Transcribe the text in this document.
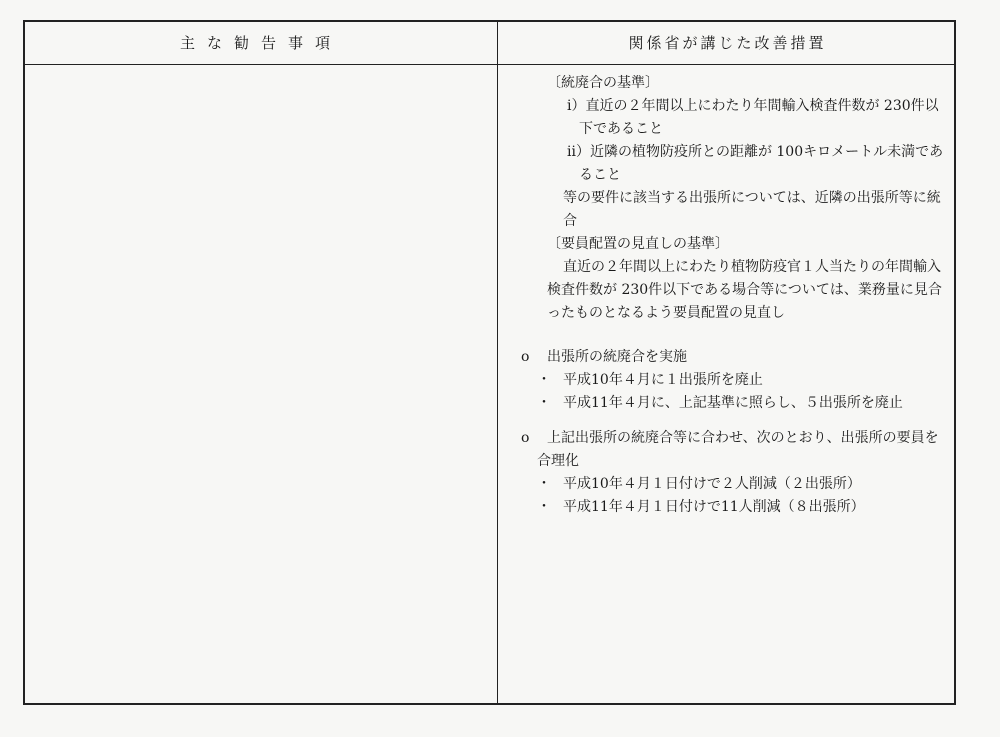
主な勧告事項	関係省が講じた改善措置
〔統廃合の基準〕
ⅰ）直近の２年間以上にわたり年間輸入検査件数が 230件以
下であること
ⅱ）近隣の植物防疫所との距離が 100キロメートル未満であ
ること
等の要件に該当する出張所については、近隣の出張所等に統
合
〔要員配置の見直しの基準〕
直近の２年間以上にわたり植物防疫官１人当たりの年間輸入
検査件数が 230件以下である場合等については、業務量に見合
ったものとなるよう要員配置の見直し
o 出張所の統廃合を実施
・ 平成10年４月に１出張所を廃止
・ 平成11年４月に、上記基準に照らし、５出張所を廃止
o 上記出張所の統廃合等に合わせ、次のとおり、出張所の要員を
合理化
・ 平成10年４月１日付けで２人削減（２出張所）
・ 平成11年４月１日付けで11人削減（８出張所）
